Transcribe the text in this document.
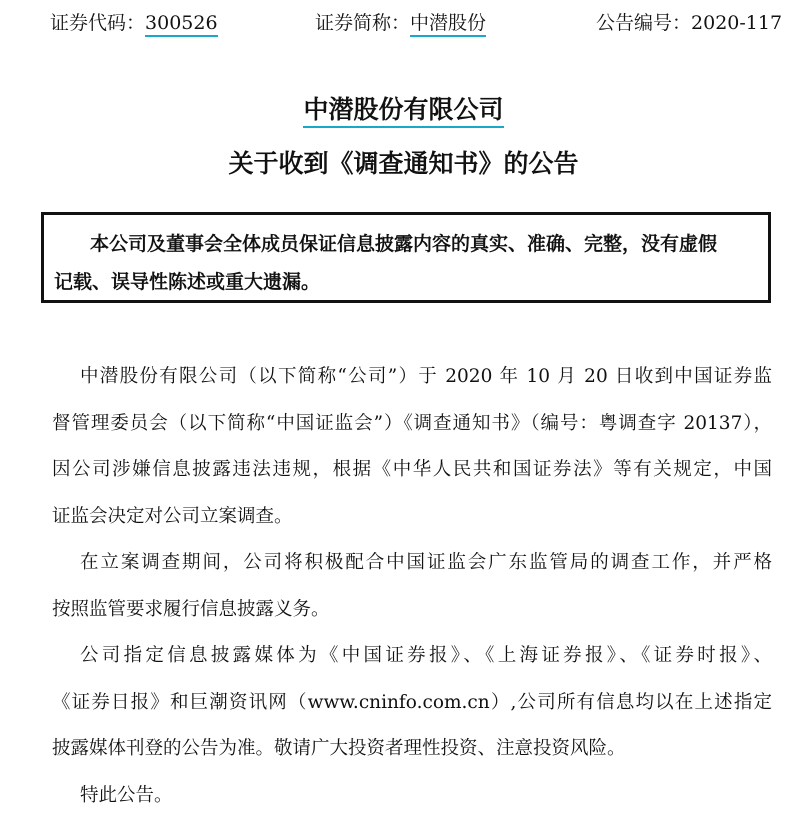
证券代码：300526	证券简称：中潜股份	公告编号：2020-117
中潜股份有限公司
关于收到《调查通知书》的公告
本公司及董事会全体成员保证信息披露内容的真实、准确、完整，没有虚假
记载、误导性陈述或重大遗漏。
中潜股份有限公司（以下简称“公司”）于 2020 年 10 月 20 日收到中国证券监
督管理委员会（以下简称“中国证监会”）《调查通知书》（编号：粤调查字 20137），
因公司涉嫌信息披露违法违规，根据《中华人民共和国证券法》等有关规定，中国
证监会决定对公司立案调查。
在立案调查期间，公司将积极配合中国证监会广东监管局的调查工作，并严格
按照监管要求履行信息披露义务。
公司指定信息披露媒体为《中国证券报》、《上海证券报》、《证券时报》、
《证券日报》和巨潮资讯网（www.cninfo.com.cn）,公司所有信息均以在上述指定
披露媒体刊登的公告为准。敬请广大投资者理性投资、注意投资风险。
特此公告。
